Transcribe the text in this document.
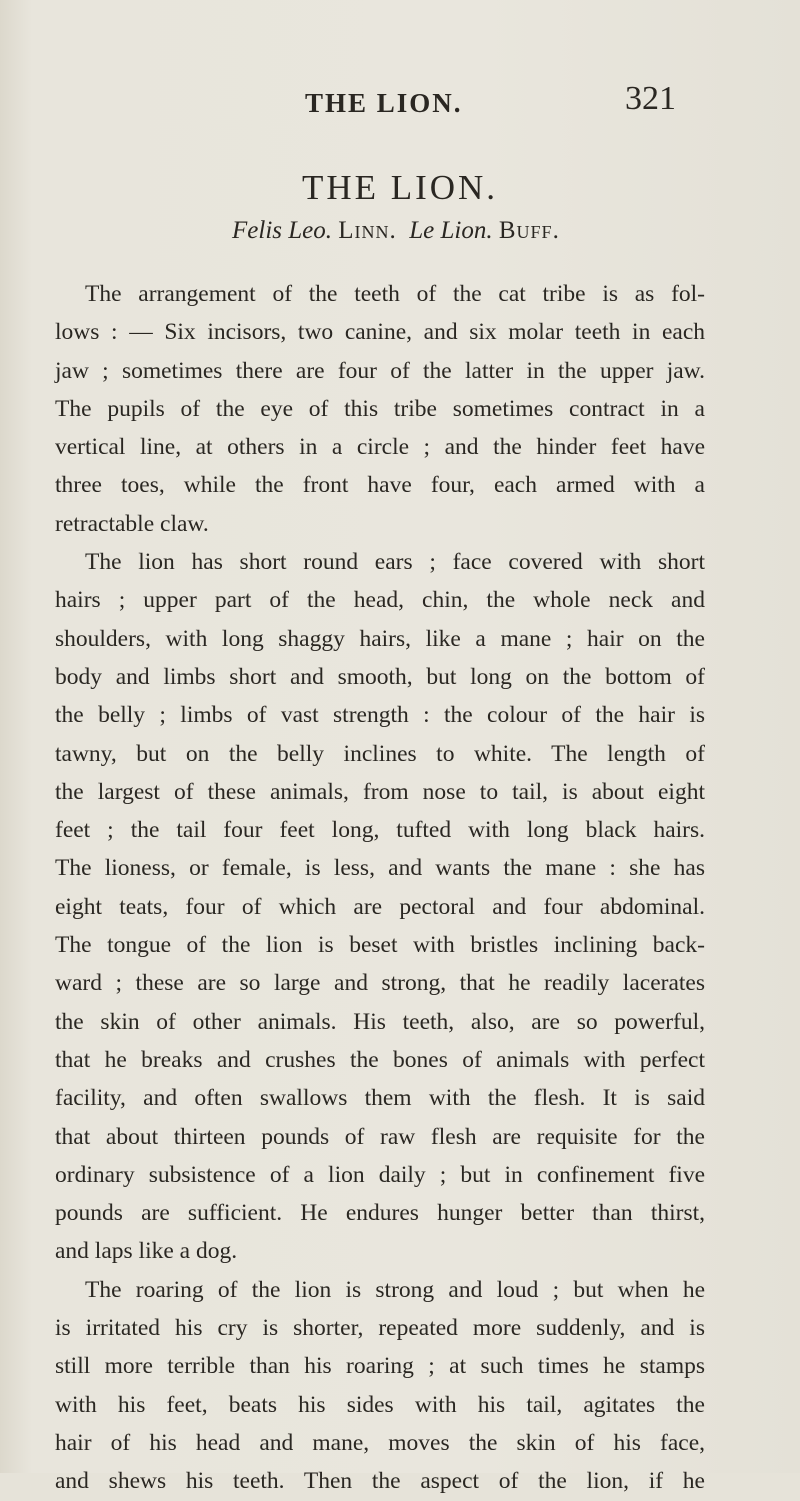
THE LION.	321
THE LION.
Felis Leo. Linn.  Le Lion. Buff.
The arrangement of the teeth of the cat tribe is as fol-
lows : — Six incisors, two canine, and six molar teeth in each
jaw ; sometimes there are four of the latter in the upper jaw.
The pupils of the eye of this tribe sometimes contract in a
vertical line, at others in a circle ; and the hinder feet have
three toes, while the front have four, each armed with a
retractable claw.
The lion has short round ears ; face covered with short
hairs ; upper part of the head, chin, the whole neck and
shoulders, with long shaggy hairs, like a mane ; hair on the
body and limbs short and smooth, but long on the bottom of
the belly ; limbs of vast strength : the colour of the hair is
tawny, but on the belly inclines to white. The length of
the largest of these animals, from nose to tail, is about eight
feet ; the tail four feet long, tufted with long black hairs.
The lioness, or female, is less, and wants the mane : she has
eight teats, four of which are pectoral and four abdominal.
The tongue of the lion is beset with bristles inclining back-
ward ; these are so large and strong, that he readily lacerates
the skin of other animals. His teeth, also, are so powerful,
that he breaks and crushes the bones of animals with perfect
facility, and often swallows them with the flesh. It is said
that about thirteen pounds of raw flesh are requisite for the
ordinary subsistence of a lion daily ; but in confinement five
pounds are sufficient. He endures hunger better than thirst,
and laps like a dog.
The roaring of the lion is strong and loud ; but when he
is irritated his cry is shorter, repeated more suddenly, and is
still more terrible than his roaring ; at such times he stamps
with his feet, beats his sides with his tail, agitates the
hair of his head and mane, moves the skin of his face,
and shews his teeth. Then the aspect of the lion, if he
